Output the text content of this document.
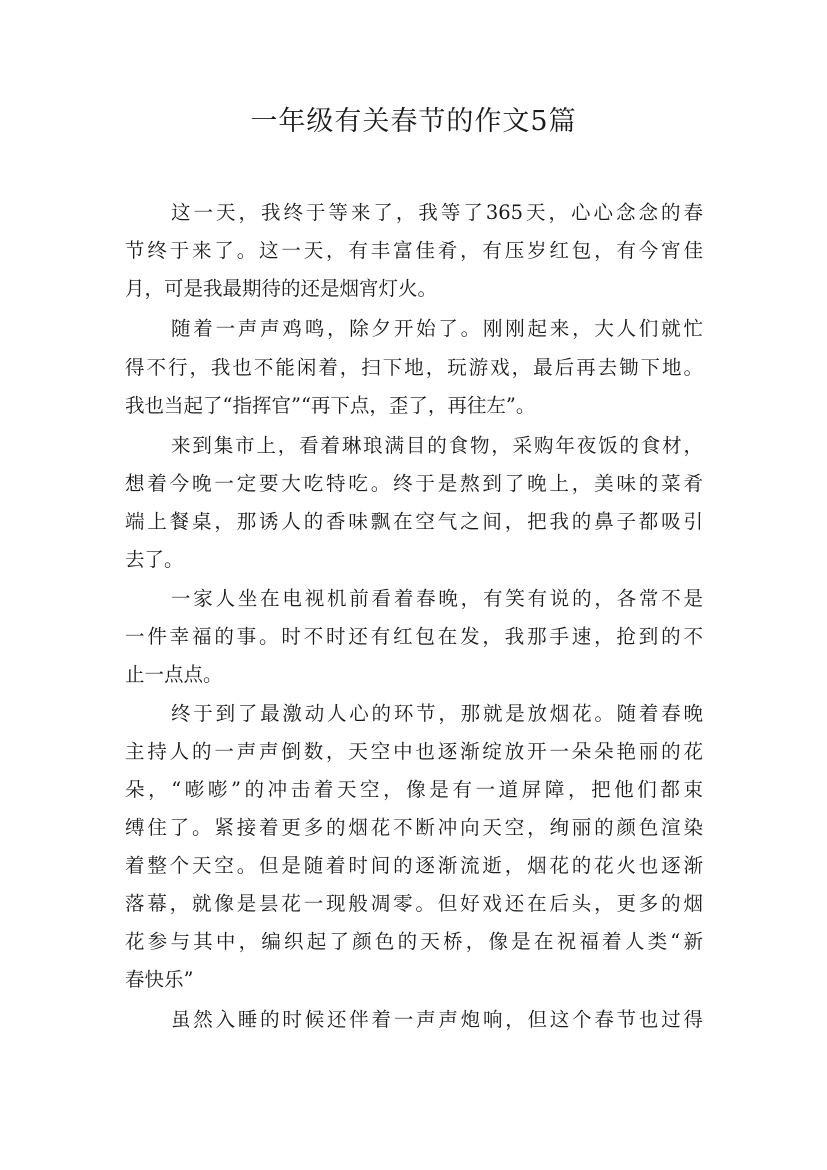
一年级有关春节的作文5篇
这一天，我终于等来了，我等了365天，心心念念的春
节终于来了。这一天，有丰富佳肴，有压岁红包，有今宵佳
月，可是我最期待的还是烟宵灯火。
随着一声声鸡鸣，除夕开始了。刚刚起来，大人们就忙
得不行，我也不能闲着，扫下地，玩游戏，最后再去锄下地。
我也当起了“指挥官”“再下点，歪了，再往左”。
来到集市上，看着琳琅满目的食物，采购年夜饭的食材，
想着今晚一定要大吃特吃。终于是熬到了晚上，美味的菜肴
端上餐桌，那诱人的香味飘在空气之间，把我的鼻子都吸引
去了。
一家人坐在电视机前看着春晚，有笑有说的，各常不是
一件幸福的事。时不时还有红包在发，我那手速，抢到的不
止一点点。
终于到了最激动人心的环节，那就是放烟花。随着春晚
主持人的一声声倒数，天空中也逐渐绽放开一朵朵艳丽的花
朵，“嘭嘭”的冲击着天空，像是有一道屏障，把他们都束
缚住了。紧接着更多的烟花不断冲向天空，绚丽的颜色渲染
着整个天空。但是随着时间的逐渐流逝，烟花的花火也逐渐
落幕，就像是昙花一现般凋零。但好戏还在后头，更多的烟
花参与其中，编织起了颜色的天桥，像是在祝福着人类“新
春快乐”
虽然入睡的时候还伴着一声声炮响，但这个春节也过得
